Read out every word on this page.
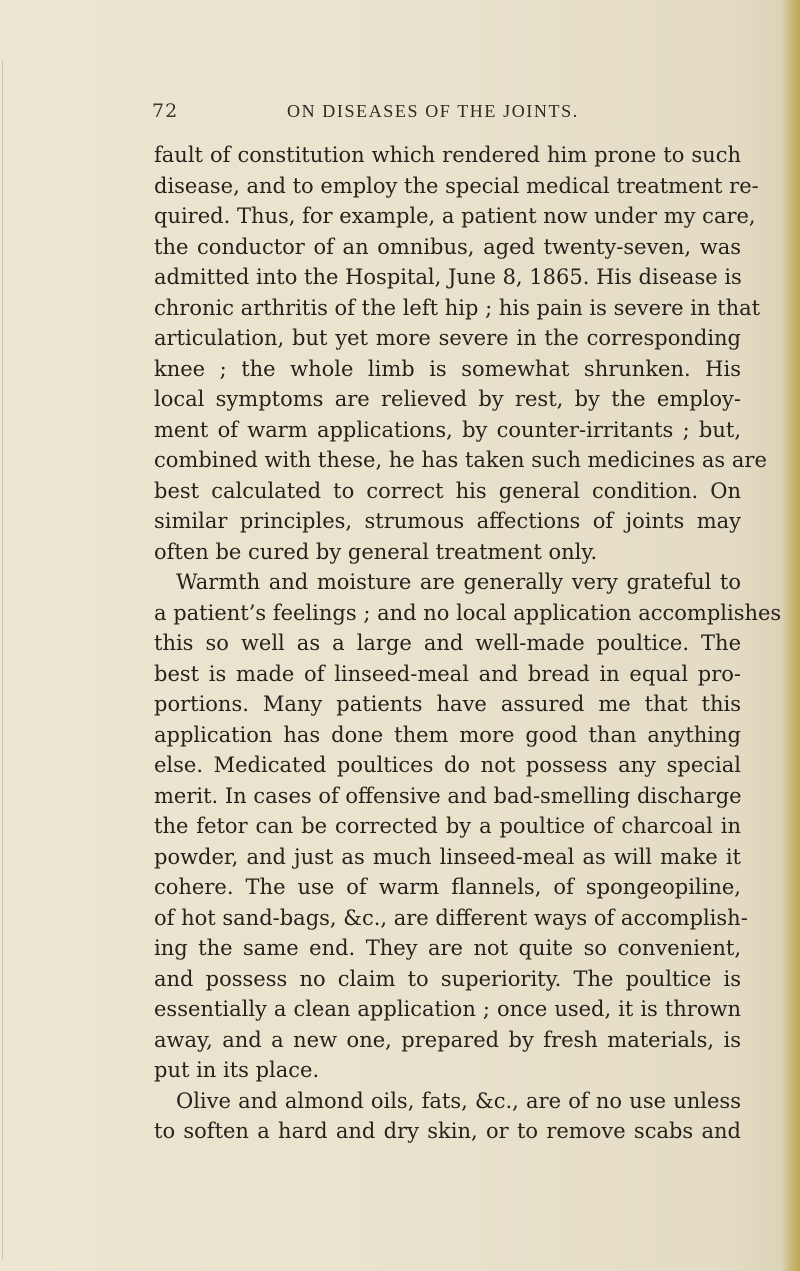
72	ON DISEASES OF THE JOINTS.

fault of constitution which rendered him prone to such
disease, and to employ the special medical treatment re-
quired. Thus, for example, a patient now under my care,
the conductor of an omnibus, aged twenty-seven, was
admitted into the Hospital, June 8, 1865. His disease is
chronic arthritis of the left hip ; his pain is severe in that
articulation, but yet more severe in the corresponding
knee ; the whole limb is somewhat shrunken. His
local symptoms are relieved by rest, by the employ-
ment of warm applications, by counter-irritants ; but,
combined with these, he has taken such medicines as are
best calculated to correct his general condition. On
similar principles, strumous affections of joints may
often be cured by general treatment only.
Warmth and moisture are generally very grateful to
a patient’s feelings ; and no local application accomplishes
this so well as a large and well-made poultice. The
best is made of linseed-meal and bread in equal pro-
portions. Many patients have assured me that this
application has done them more good than anything
else. Medicated poultices do not possess any special
merit. In cases of offensive and bad-smelling discharge
the fetor can be corrected by a poultice of charcoal in
powder, and just as much linseed-meal as will make it
cohere. The use of warm flannels, of spongeopiline,
of hot sand-bags, &c., are different ways of accomplish-
ing the same end. They are not quite so convenient,
and possess no claim to superiority. The poultice is
essentially a clean application ; once used, it is thrown
away, and a new one, prepared by fresh materials, is
put in its place.
Olive and almond oils, fats, &c., are of no use unless
to soften a hard and dry skin, or to remove scabs and
